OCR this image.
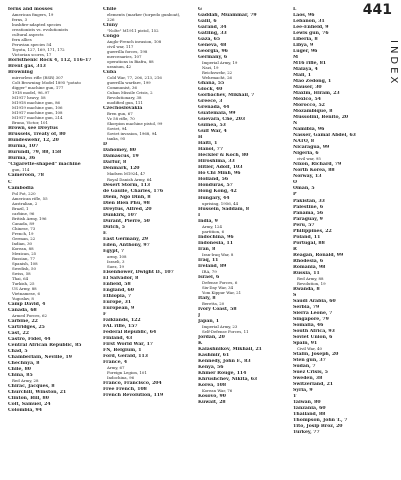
441
INDEX

ferns and mosses

American fingers, 19

ferns, 3

bushfire-adapted species

creationists vs. evolutionists

cultural aspects

fern allies

Peruvian species 54

Toyota, 127, 169, 171, 172

Victorian scores, 17

Boristhenic Rock 4, 112, 116–17

Brent gas, 313

Browning

mirrorless rifle (RSR) 307

Colt Browning Model 1895 "potato

digger" machine gun, 177

1918 model, 96–97

M1917 heavy, 58

M1918 machine gun, 86

M1919 machine gun, 106

M1917 machine gun, 108

M1917 machine gun, 214

Bruno, Victor, 101

Brown, see Dreyfus

Brussels, Treaty of, 80

Bundeswehr, 12, 20

Burma, 107

Burundi, 79, 88, 158

Burma, 36

"Cigarette-shaped" machine

gun, 114

Cameroon, 78

C

Cambodia

Pol Pot, 220

American rifle, 55

Australian, 2

Brazil, 1

carbine, 96

British Army, 196

Canada, 89

Chinese, 73

French, 19

German, 22

Indian, 30

Korean, 88

Mexican, 25

Russian, 77

Spanish, 108

Swedish, 50

Swiss, 58

Thai, 64

Turkish, 25

US Army, 88

Vietnamese, 6

Yugoslav, 8

Camp David, 4

Canada, 68

Armed Forces, 62

Carbine, 22

Cartridges, 25

Cast, 22

Castro, Fidel, 44

Central African Republic, 85

Chad, 5

Chamberlain, Neville, 19

Chechnya, 8

Chile, 80

China, 85

Red Army, 28

Chirac, Jacques, 8

Churchill, Winston, 21

Clinton, Bill, 80

Colt, Samuel, 24

Colombia, 94

Chile

elements (marker (torpedo gunboat),

226

Cluny

"Nolte" M1911 pistol, 152

Congo

Anglo-French invasion, 108

civil war, 117

guerrilla forces, 198

mercenaries, 107

operations in Biafra, 88

uranium, 42

Cuba

Cold War, 77, 206, 213, 216

guerrilla warfare, 199

Communist, 36

Cuban Missile Crisis, 2

Revolutionary, 38

modified gun, 111

Czechoslovakia

Bren gun, 67

Vz 58 rifle, 70

Skorpion machine pistol, 99

Soviet, 94

Soviet invasion, 1968, 94

tanks, 95

D

Dahomey, 80

Damascus, 19

Darfur, 8

Denmark, 120

Madsen M1924, 47

Royal Danish Army, 64

Desert Storm, 113

de Gaulle, Charles, 176

Diem, Ngo Dinh, 8

Dien Bien Phu, 98

Dreyfus, Alfred, 20

Dunkirk, 107

Durant, Pierre, 50

Dutch, 5

E

East Germany, 29

Eden, Anthony, 97

Egypt, 7

army, 108

Israeli, 3

Suez, 19

Eisenhower, Dwight D., 107

El Salvador, 8

Enfield, 58

England, 60

Ethiopia, 7

Europe, 31

European, 9

F

Falklands, 122

FAL rifle, 157

Federal Republic, 64

Finland, 43

First World War, 17

FN, Belgium, 1

Ford, Gerald, 113

France, 4

Army, 67

Foreign Legion, 101

Indochina, 96

Franco, Francisco, 204

Free French, 108

French Revolution, 119

G

Gaddafi, Muammar, 79

Galil, 6

Garand, 34

Gatling, 33

Gaza, 65

Geneva, 48

Georgia, 96

Germany, 6

Imperial Army, 19

Nazi, 19

Reichswehr, 22

Wehrmacht, 26

Ghana, 55

Glock, 40

Gorbachev, Mikhail, 7

Greece, 3

Grenada, 44

Guatemala, 99

Guevara, Che, 203

Guinea, 53

Gulf War, 4

H

Haiti, 1

Hanoi, 77

Heckler & Koch, 80

Hiroshima, 33

Hitler, Adolf, 103

Ho Chi Minh, 96

Holland, 56

Honduras, 57

Hong Kong, 42

Hungary, 44

uprising, 1956, 44

Hussein, Saddam, 8

I

India, 9

Army, 124

partition, 6

Indochina, 96

Indonesia, 11

Iran, 8

Iran-Iraq War, 8

Iraq, 11

Ireland, 89

IRA, 79

Israel, 6

Defense Forces, 6

Six-Day War, 34

Yom Kippur War, 21

Italy, 8

Beretta, 20

Ivory Coast, 58

J

Japan, 1

Imperial Army, 23

Self-Defense Forces, 11

Jordan, 20

K

Kalashnikov, Mikhail, 21

Kashmir, 61

Kennedy, John F., 83

Kenya, 56

Khmer Rouge, 114

Khrushchev, Nikita, 63

Korea, 108

Korean War, 76

Kosovo, 90

Kuwait, 28

L

Laos, 96

Lebanon, 31

Lee-Enfield, 9

Lewis gun, 76

Liberia, 8

Libya, 9

Luger, 96

M

M16 rifle, 81

Malaya, 4

Mali, 1

Mao Zedong, 1

Mauser, 30

Maxim, Hiram, 23

Mexico, 54

Morocco, 52

Mozambique, 8

Mussolini, Benito, 20

N

Namibia, 96

Nasser, Gamal Abdel, 63

NATO, 8

Nicaragua, 99

Nigeria, 6

civil war, 95

Nixon, Richard, 79

North Korea, 88

Norway, 13

O

Oman, 5

P

Pakistan, 33

Palestine, 6

Panama, 56

Paraguay, 9

Peru, 57

Philippines, 22

Poland, 11

Portugal, 88

R

Reagan, Ronald, 99

Rhodesia, 6

Romania, 98

Russia, 11

Red Army, 88

Revolution, 19

Rwanda, 8

S

Saudi Arabia, 60

Serbia, 79

Sierra Leone, 7

Singapore, 79

Somalia, 46

South Africa, 93

Soviet Union, 6

Spain, 91

Civil War, 40

Stalin, Joseph, 20

Sten gun, 37

Sudan, 7

Suez Crisis, 5

Sweden, 38

Switzerland, 21

Syria, 9

T

Taiwan, 80

Tanzania, 60

Thailand, 88

Thompson, John T., 7

Tito, Josip Broz, 20

Turkey, 77
